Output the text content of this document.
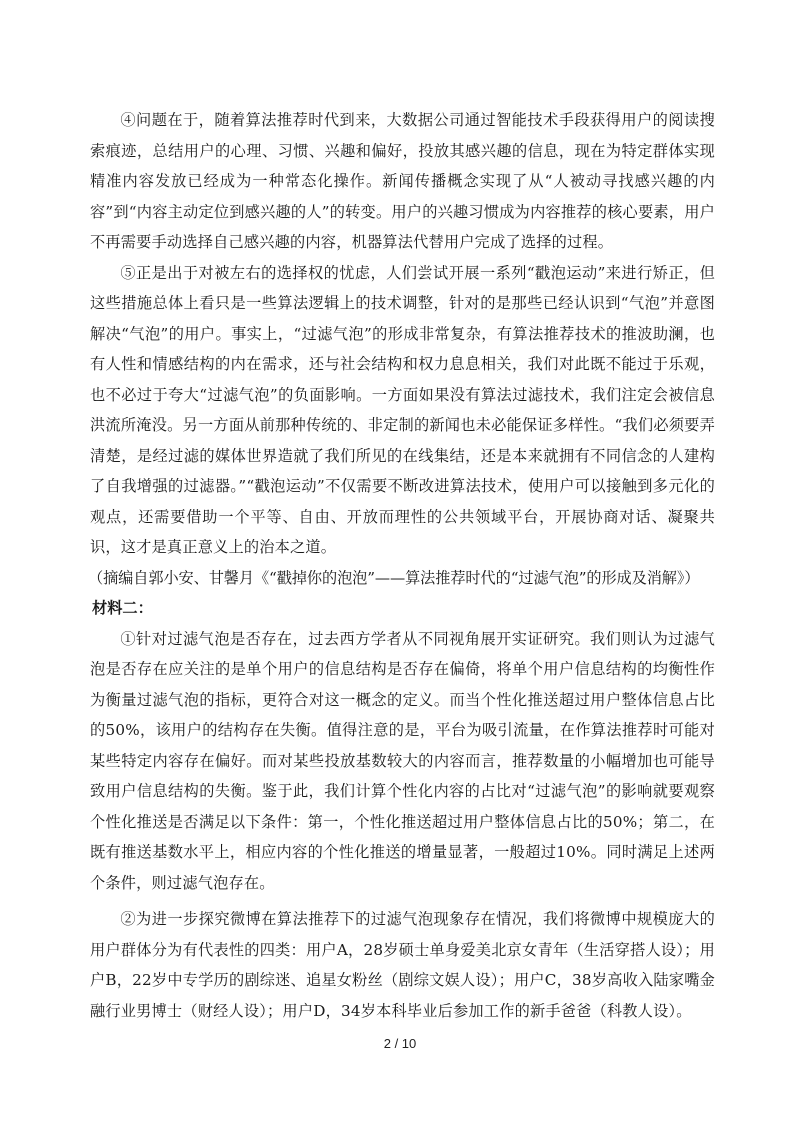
④问题在于，随着算法推荐时代到来，大数据公司通过智能技术手段获得用户的阅读搜索痕迹，总结用户的心理、习惯、兴趣和偏好，投放其感兴趣的信息，现在为特定群体实现精准内容发放已经成为一种常态化操作。新闻传播概念实现了从“人被动寻找感兴趣的内容”到“内容主动定位到感兴趣的人”的转变。用户的兴趣习惯成为内容推荐的核心要素，用户不再需要手动选择自己感兴趣的内容，机器算法代替用户完成了选择的过程。

⑤正是出于对被左右的选择权的忧虑，人们尝试开展一系列“戳泡运动”来进行矫正，但这些措施总体上看只是一些算法逻辑上的技术调整，针对的是那些已经认识到“气泡”并意图解决“气泡”的用户。事实上，“过滤气泡”的形成非常复杂，有算法推荐技术的推波助澜，也有人性和情感结构的内在需求，还与社会结构和权力息息相关，我们对此既不能过于乐观，也不必过于夸大“过滤气泡”的负面影响。一方面如果没有算法过滤技术，我们注定会被信息洪流所淹没。另一方面从前那种传统的、非定制的新闻也未必能保证多样性。“我们必须要弄清楚，是经过滤的媒体世界造就了我们所见的在线集结，还是本来就拥有不同信念的人建构了自我增强的过滤器。”“戳泡运动”不仅需要不断改进算法技术，使用户可以接触到多元化的观点，还需要借助一个平等、自由、开放而理性的公共领域平台，开展协商对话、凝聚共识，这才是真正意义上的治本之道。

（摘编自郭小安、甘馨月《“戳掉你的泡泡”——算法推荐时代的“过滤气泡”的形成及消解》）

材料二：

①针对过滤气泡是否存在，过去西方学者从不同视角展开实证研究。我们则认为过滤气泡是否存在应关注的是单个用户的信息结构是否存在偏倚，将单个用户信息结构的均衡性作为衡量过滤气泡的指标，更符合对这一概念的定义。而当个性化推送超过用户整体信息占比的50%，该用户的结构存在失衡。值得注意的是，平台为吸引流量，在作算法推荐时可能对某些特定内容存在偏好。而对某些投放基数较大的内容而言，推荐数量的小幅增加也可能导致用户信息结构的失衡。鉴于此，我们计算个性化内容的占比对“过滤气泡”的影响就要观察个性化推送是否满足以下条件：第一，个性化推送超过用户整体信息占比的50%；第二，在既有推送基数水平上，相应内容的个性化推送的增量显著，一般超过10%。同时满足上述两个条件，则过滤气泡存在。

②为进一步探究微博在算法推荐下的过滤气泡现象存在情况，我们将微博中规模庞大的用户群体分为有代表性的四类：用户A，28岁硕士单身爱美北京女青年（生活穿搭人设）；用户B，22岁中专学历的剧综迷、追星女粉丝（剧综文娱人设）；用户C，38岁高收入陆家嘴金融行业男博士（财经人设）；用户D，34岁本科毕业后参加工作的新手爸爸（科教人设）。

2 / 10
